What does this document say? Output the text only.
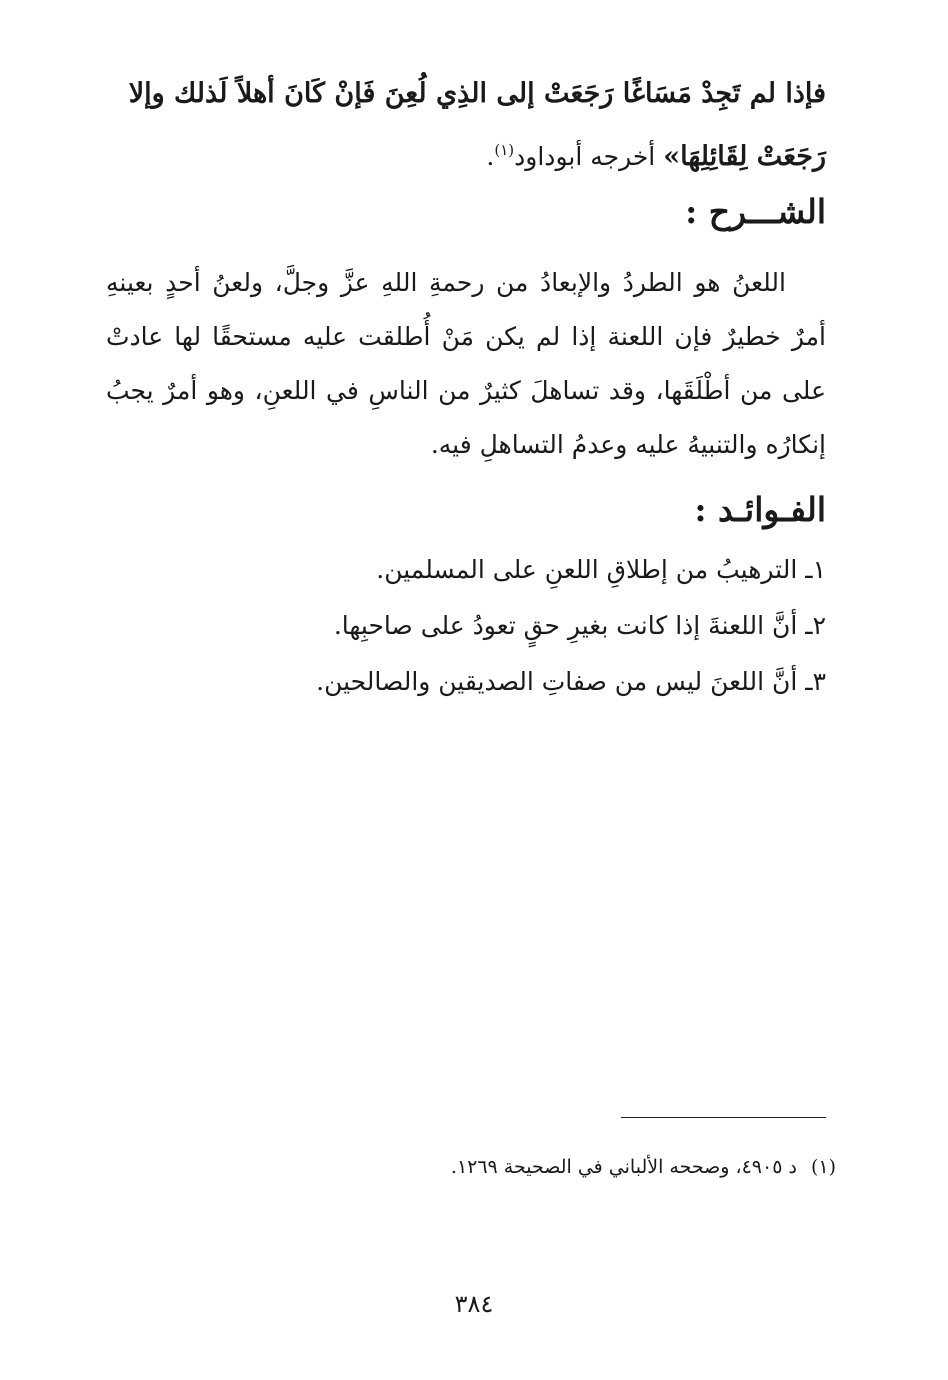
فإذا لم تَجِدْ مَسَاغًا رَجَعَتْ إلى الذِي لُعِنَ فَإنْ كَانَ أهلاً لَذلك وإلا رَجَعَتْ لِقَائِلِهَا» أخرجه أبوداود$^{(١)}$.
الشـــرح :
اللعنُ هو الطردُ والإبعادُ من رحمةِ اللهِ عزَّ وجلَّ، ولعنُ أحدٍ بعينهِ أمرٌ خطيرٌ فإن اللعنة إذا لم يكن مَنْ أُطلقت عليه مستحقًا لها عادتْ على من أطْلَقَها، وقد تساهلَ كثيرٌ من الناسِ في اللعنِ، وهو أمرٌ يجبُ إنكارُه والتنبيهُ عليه وعدمُ التساهلِ فيه.
الفـوائـد :
١ـ الترهيبُ من إطلاقِ اللعنِ على المسلمين.
٢ـ أنَّ اللعنةَ إذا كانت بغيرِ حقٍ تعودُ على صاحبِها.
٣ـ أنَّ اللعنَ ليس من صفاتِ الصديقين والصالحين.
(١)د ٤٩٠٥، وصححه الألباني في الصحيحة ١٢٦٩.
٣٨٤
